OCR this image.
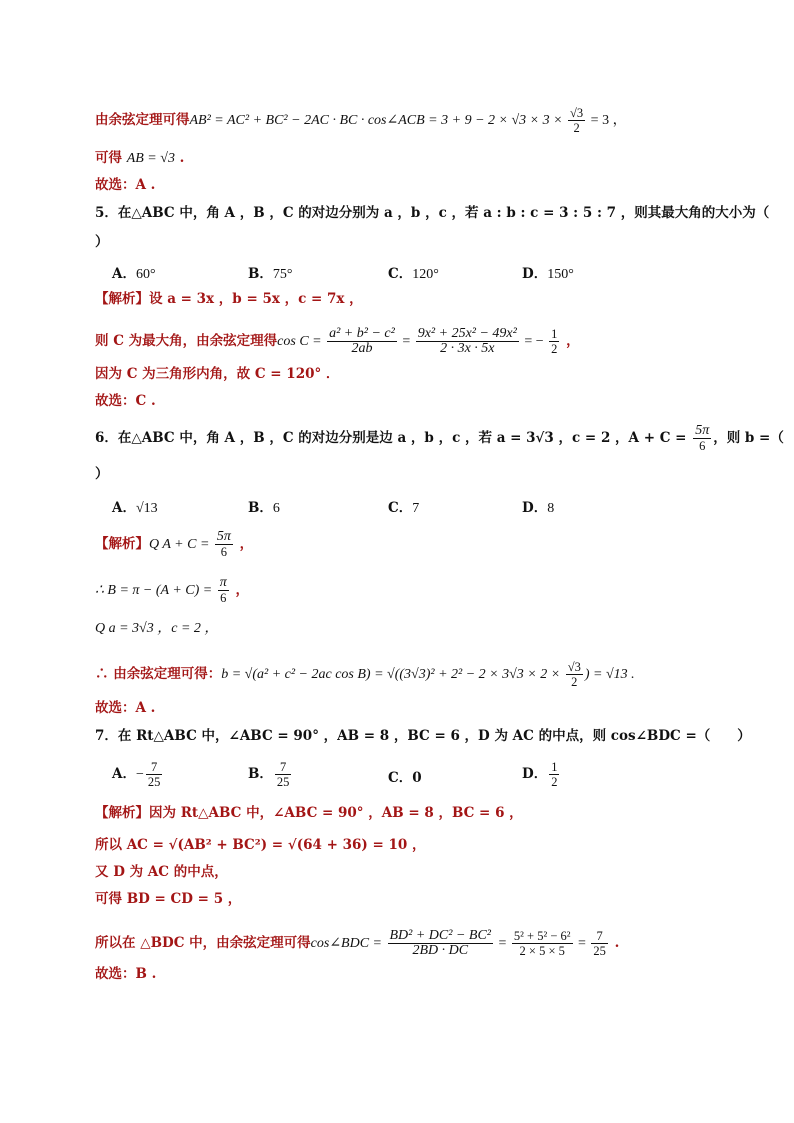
由余弦定理可得AB² = AC² + BC² − 2AC · BC · cos∠ACB = $3 + 9 - 2 \times √3 \times 3 \times \frac{√3}{2} = 3$ ，
可得 AB = √3 .
故选：A .
5．在△ABC 中，角 A ，B ，C 的对边分别为 a ，b ，c ，若 a : b : c = 3 : 5 : 7 ，则其最大角的大小为（
）
A．60°	B．75°	C．120°	D．150°
【解析】设 a = 3x ，b = 5x ，c = 7x ，
则 C 为最大角，由余弦定理得$\cos C = \frac{\text{a² + b² − c²}}{2ab} = \frac{\text{9x² + 25x² − 49x²}}{2 \cdot 3x \cdot 5x}$ = − $\frac{1}{2}$ ，
因为 C 为三角形内角，故 C = 120° ．
故选：C .
6．在△ABC 中，角 A ，B ，C 的对边分别是边 a ，b ，c ，若 a = 3√3 ，c = 2 ，$A + C = \frac{5\pi}{6}$ ，则 b =（
）
A．√13	B．6	C．7	D．8
【解析】Q $A + C = \frac{5\pi}{6}$ ，
∴ $B = \pi - (A + C) = \frac{\pi}{6}$ ，
Q a = 3√3 ，c = 2 ，
∴ 由余弦定理可得：b = √(a² + c² − 2ac $\cos B) = √((3√3)^2 + 2^2 - 2 \times 3√3 \times 2 \times \frac{√3}{2}$ ) = √13 .
故选：A .
7．在 Rt△ABC 中，∠ABC = 90° ，AB = 8 ，BC = 6 ，D 为 AC 的中点，则 cos∠BDC =（　　）
A．− $\frac{7}{25}$	B． $\frac{7}{25}$	C．0	D． $\frac{1}{2}$
【解析】因为 Rt△ABC 中，∠ABC = 90° ，AB = 8 ，BC = 6 ，
所以 AC = √(AB² + BC²) = √(64 + 36) = 10 ，
又 D 为 AC 的中点，
可得 BD = CD = 5 ，
所以在 △BDC 中，由余弦定理可得cos∠BDC = $\frac{\text{BD² + DC² − BC²}}{2BD \cdot DC} = \frac{\text{5² + 5² − 6²}}{2 \times 5 \times 5} = \frac{7}{25}$ .
故选：B .
